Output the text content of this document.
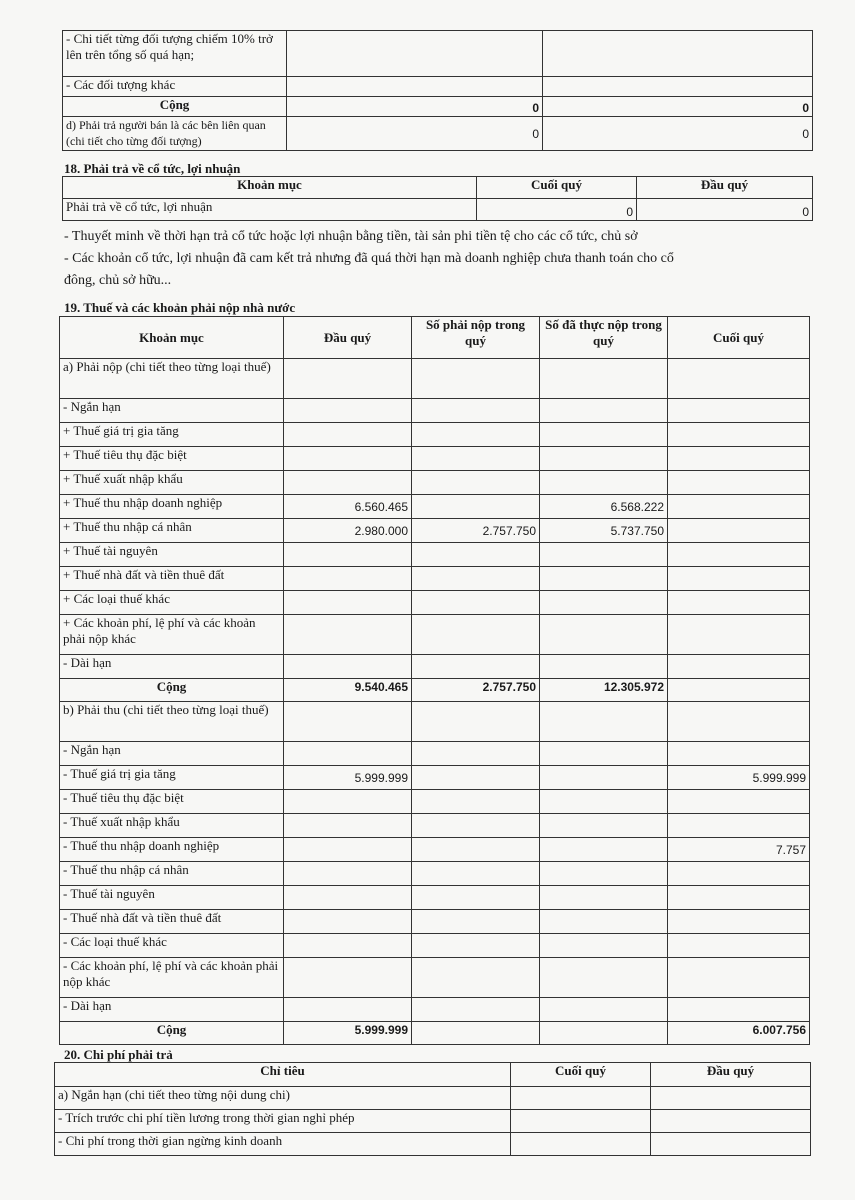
- Chi tiết từng đối tượng chiếm 10% trở lên trên tổng số quá hạn;		
- Các đối tượng khác		
Cộng	0	0
d) Phải trả người bán là các bên liên quan (chi tiết cho từng đối tượng)	0	0
18. Phải trả về cổ tức, lợi nhuận
Khoản mục	Cuối quý	Đầu quý
Phải trả về cổ tức, lợi nhuận	0	0
- Thuyết minh về thời hạn trả cổ tức hoặc lợi nhuận bằng tiền, tài sản phi tiền tệ cho các cổ tức, chủ sở
- Các khoản cổ tức, lợi nhuận đã cam kết trả nhưng đã quá thời hạn mà doanh nghiệp chưa thanh toán cho cổ
đông, chủ sở hữu...
19. Thuế và các khoản phải nộp nhà nước
Khoản mục	Đầu quý	Số phải nộp trong quý	Số đã thực nộp trong quý	Cuối quý
a) Phải nộp (chi tiết theo từng loại thuế)				
- Ngắn hạn				
+ Thuế giá trị gia tăng				
+ Thuế tiêu thụ đặc biệt				
+ Thuế xuất nhập khẩu				
+ Thuế thu nhập doanh nghiệp	6.560.465		6.568.222	
+ Thuế thu nhập cá nhân	2.980.000	2.757.750	5.737.750	
+ Thuế tài nguyên				
+ Thuế nhà đất và tiền thuê đất				
+ Các loại thuế khác				
+ Các khoản phí, lệ phí và các khoản phải nộp khác				
- Dài hạn				
Cộng	9.540.465	2.757.750	12.305.972	
b) Phải thu (chi tiết theo từng loại thuế)				
- Ngắn hạn				
- Thuế giá trị gia tăng	5.999.999			5.999.999
- Thuế tiêu thụ đặc biệt				
- Thuế xuất nhập khẩu				
- Thuế thu nhập doanh nghiệp				7.757
- Thuế thu nhập cá nhân				
- Thuế tài nguyên				
- Thuế nhà đất và tiền thuê đất				
- Các loại thuế khác				
- Các khoản phí, lệ phí và các khoản phải nộp khác				
- Dài hạn				
Cộng	5.999.999			6.007.756
20. Chi phí phải trả
Chỉ tiêu	Cuối quý	Đầu quý
a) Ngắn hạn (chi tiết theo từng nội dung chi)		
- Trích trước chi phí tiền lương trong thời gian nghỉ phép		
- Chi phí trong thời gian ngừng kinh doanh		
